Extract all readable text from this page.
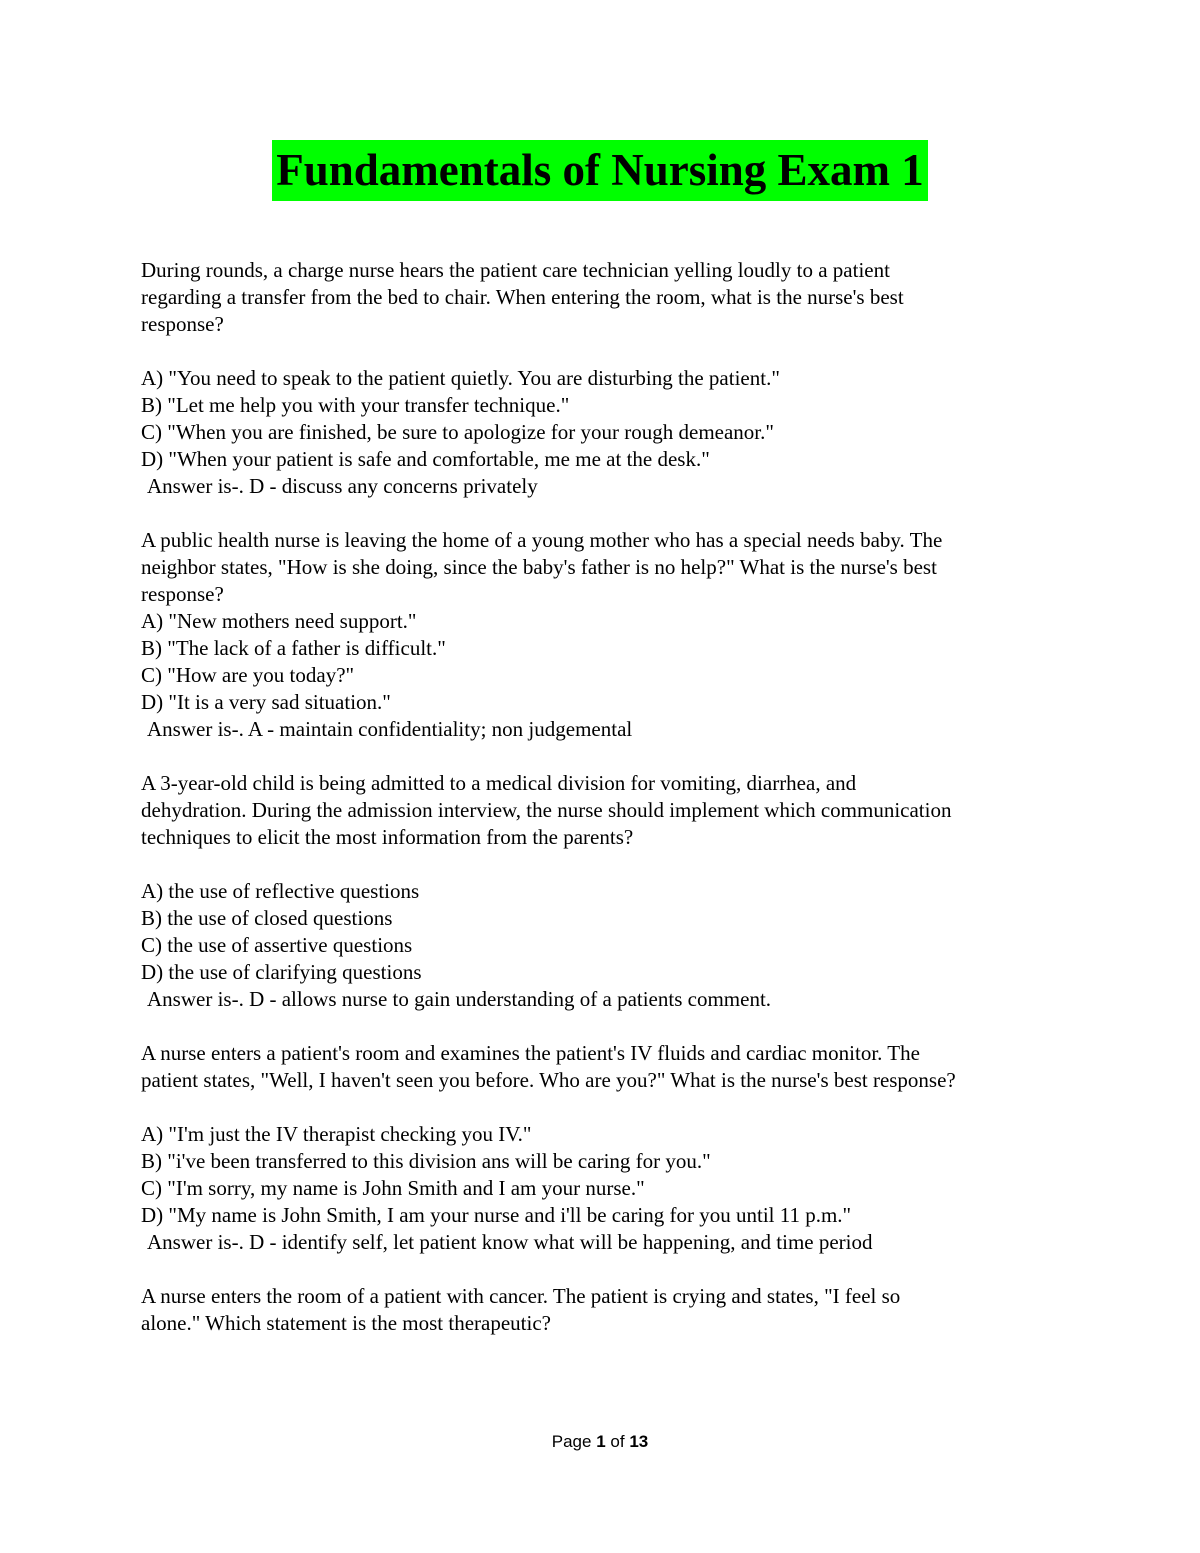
Fundamentals of Nursing Exam 1
During rounds, a charge nurse hears the patient care technician yelling loudly to a patient
regarding a transfer from the bed to chair. When entering the room, what is the nurse's best
response?
A) "You need to speak to the patient quietly. You are disturbing the patient."
B) "Let me help you with your transfer technique."
C) "When you are finished, be sure to apologize for your rough demeanor."
D) "When your patient is safe and comfortable, me me at the desk."
Answer is-. D - discuss any concerns privately
A public health nurse is leaving the home of a young mother who has a special needs baby. The
neighbor states, "How is she doing, since the baby's father is no help?" What is the nurse's best
response?
A) "New mothers need support."
B) "The lack of a father is difficult."
C) "How are you today?"
D) "It is a very sad situation."
Answer is-. A - maintain confidentiality; non judgemental
A 3-year-old child is being admitted to a medical division for vomiting, diarrhea, and
dehydration. During the admission interview, the nurse should implement which communication
techniques to elicit the most information from the parents?
A) the use of reflective questions
B) the use of closed questions
C) the use of assertive questions
D) the use of clarifying questions
Answer is-. D - allows nurse to gain understanding of a patients comment.
A nurse enters a patient's room and examines the patient's IV fluids and cardiac monitor. The
patient states, "Well, I haven't seen you before. Who are you?" What is the nurse's best response?
A) "I'm just the IV therapist checking you IV."
B) "i've been transferred to this division ans will be caring for you."
C) "I'm sorry, my name is John Smith and I am your nurse."
D) "My name is John Smith, I am your nurse and i'll be caring for you until 11 p.m."
Answer is-. D - identify self, let patient know what will be happening, and time period
A nurse enters the room of a patient with cancer. The patient is crying and states, "I feel so
alone." Which statement is the most therapeutic?
Page 1 of 13
